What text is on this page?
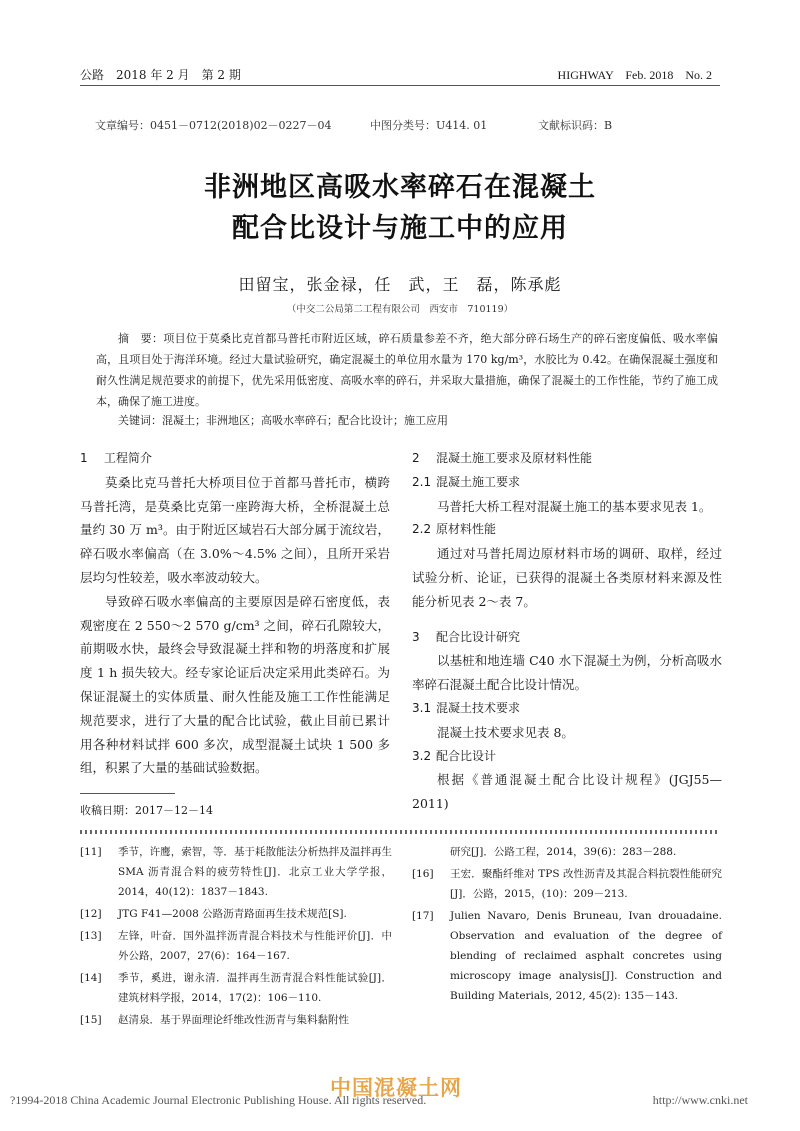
公路　2018 年 2 月　第 2 期	HIGHWAY　Feb. 2018　No. 2
文章编号：0451－0712(2018)02－0227－04	中图分类号：U414. 01	文献标识码：B
非洲地区高吸水率碎石在混凝土
配合比设计与施工中的应用
田留宝，张金禄，任　武，王　磊，陈承彪
（中交二公局第二工程有限公司　西安市　710119）
摘　要：项目位于莫桑比克首都马普托市附近区域，碎石质量参差不齐，绝大部分碎石场生产的碎石密度偏低、吸水率偏高，且项目处于海洋环境。经过大量试验研究，确定混凝土的单位用水量为 170 kg/m³，水胶比为 0.42。在确保混凝土强度和耐久性满足规范要求的前提下，优先采用低密度、高吸水率的碎石，并采取大量措施，确保了混凝土的工作性能，节约了施工成本，确保了施工进度。
关键词：混凝土；非洲地区；高吸水率碎石；配合比设计；施工应用
1 工程简介

莫桑比克马普托大桥项目位于首都马普托市，横跨马普托湾，是莫桑比克第一座跨海大桥，全桥混凝土总量约 30 万 m³。由于附近区域岩石大部分属于流纹岩，碎石吸水率偏高（在 3.0%～4.5% 之间），且所开采岩层均匀性较差，吸水率波动较大。

导致碎石吸水率偏高的主要原因是碎石密度低，表观密度在 2 550～2 570 g/cm³ 之间，碎石孔隙较大，前期吸水快，最终会导致混凝土拌和物的坍落度和扩展度 1 h 损失较大。经专家论证后决定采用此类碎石。为保证混凝土的实体质量、耐久性能及施工工作性能满足规范要求，进行了大量的配合比试验，截止目前已累计用各种材料试拌 600 多次，成型混凝土试块 1 500 多组，积累了大量的基础试验数据。

2 混凝土施工要求及原材料性能
2.1 混凝土施工要求

马普托大桥工程对混凝土施工的基本要求见表 1。

2.2 原材料性能

通过对马普托周边原材料市场的调研、取样，经过试验分析、论证，已获得的混凝土各类原材料来源及性能分析见表 2～表 7。

3 配合比设计研究

以基桩和地连墙 C40 水下混凝土为例，分析高吸水率碎石混凝土配合比设计情况。

3.1 混凝土技术要求

混凝土技术要求见表 8。

3.2 配合比设计

根据《普通混凝土配合比设计规程》(JGJ55—2011)

收稿日期：2017－12－14
[11] 季节，许鹰，索智，等．基于耗散能法分析热拌及温拌再生 SMA 沥青混合料的疲劳特性[J]．北京工业大学学报，2014，40(12)：1837－1843.
[12] JTG F41—2008 公路沥青路面再生技术规范[S].
[13] 左锋，叶奋．国外温拌沥青混合料技术与性能评价[J]．中外公路，2007，27(6)：164－167.
[14] 季节，奚进，谢永清．温拌再生沥青混合料性能试验[J]．建筑材料学报，2014，17(2)：106－110.
[15] 赵清泉．基于界面理论纤维改性沥青与集料黏附性
研究[J]．公路工程，2014，39(6)：283－288.
[16] 王宏．聚酯纤维对 TPS 改性沥青及其混合料抗裂性能研究[J]．公路，2015，(10)：209－213.
[17] Julien Navaro, Denis Bruneau, Ivan drouadaine. Observation and evaluation of the degree of blending of reclaimed asphalt concretes using microscopy image analysis[J]. Construction and Building Materials, 2012, 45(2): 135－143.
中国混凝土网
?1994-2018 China Academic Journal Electronic Publishing House. All rights reserved.	http://www.cnki.net
